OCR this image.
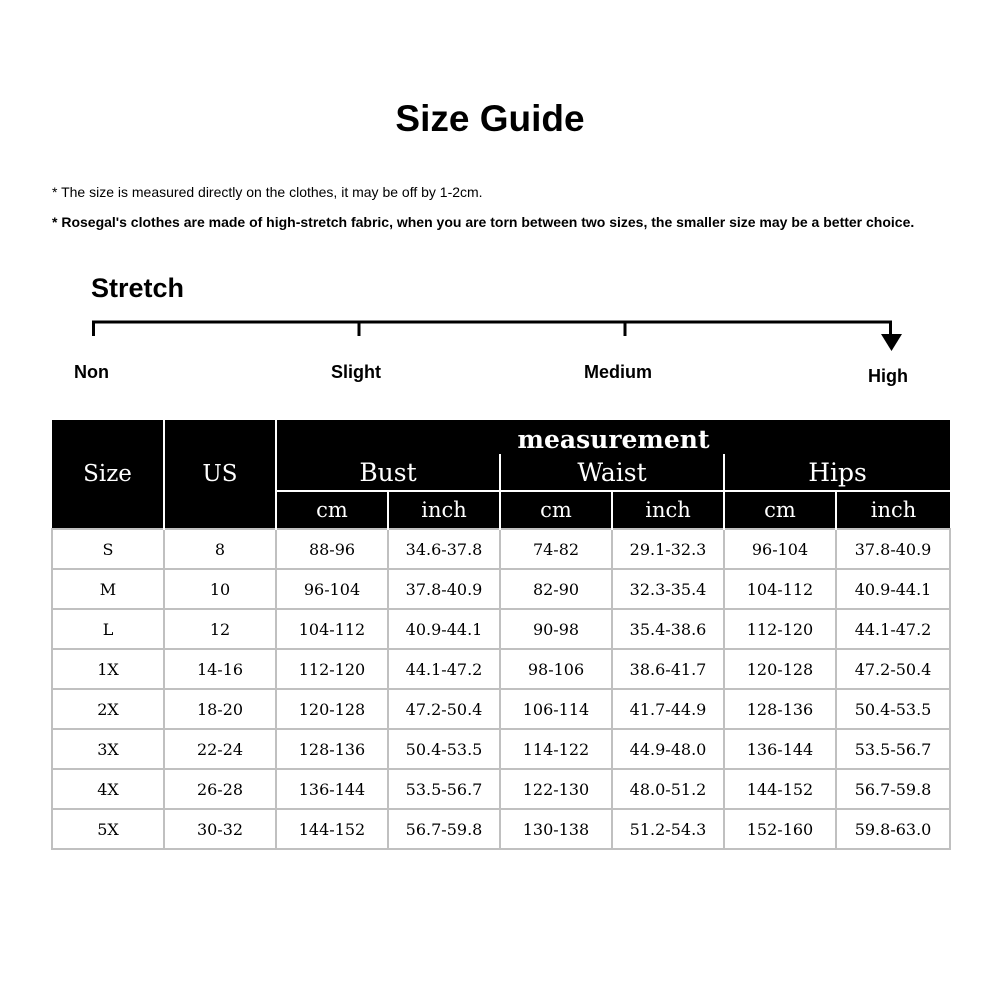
Size Guide
* The size is measured directly on the clothes, it may be off by 1-2cm.
* Rosegal's clothes are made of high-stretch fabric, when you are torn between two sizes, the smaller size may be a better choice.
Stretch
Non	Slight	Medium	High
Size	US	measurement					
		Bust		Waist		Hips	
		cm	inch	cm	inch	cm	inch
S	8	88-96	34.6-37.8	74-82	29.1-32.3	96-104	37.8-40.9
M	10	96-104	37.8-40.9	82-90	32.3-35.4	104-112	40.9-44.1
L	12	104-112	40.9-44.1	90-98	35.4-38.6	112-120	44.1-47.2
1X	14-16	112-120	44.1-47.2	98-106	38.6-41.7	120-128	47.2-50.4
2X	18-20	120-128	47.2-50.4	106-114	41.7-44.9	128-136	50.4-53.5
3X	22-24	128-136	50.4-53.5	114-122	44.9-48.0	136-144	53.5-56.7
4X	26-28	136-144	53.5-56.7	122-130	48.0-51.2	144-152	56.7-59.8
5X	30-32	144-152	56.7-59.8	130-138	51.2-54.3	152-160	59.8-63.0
